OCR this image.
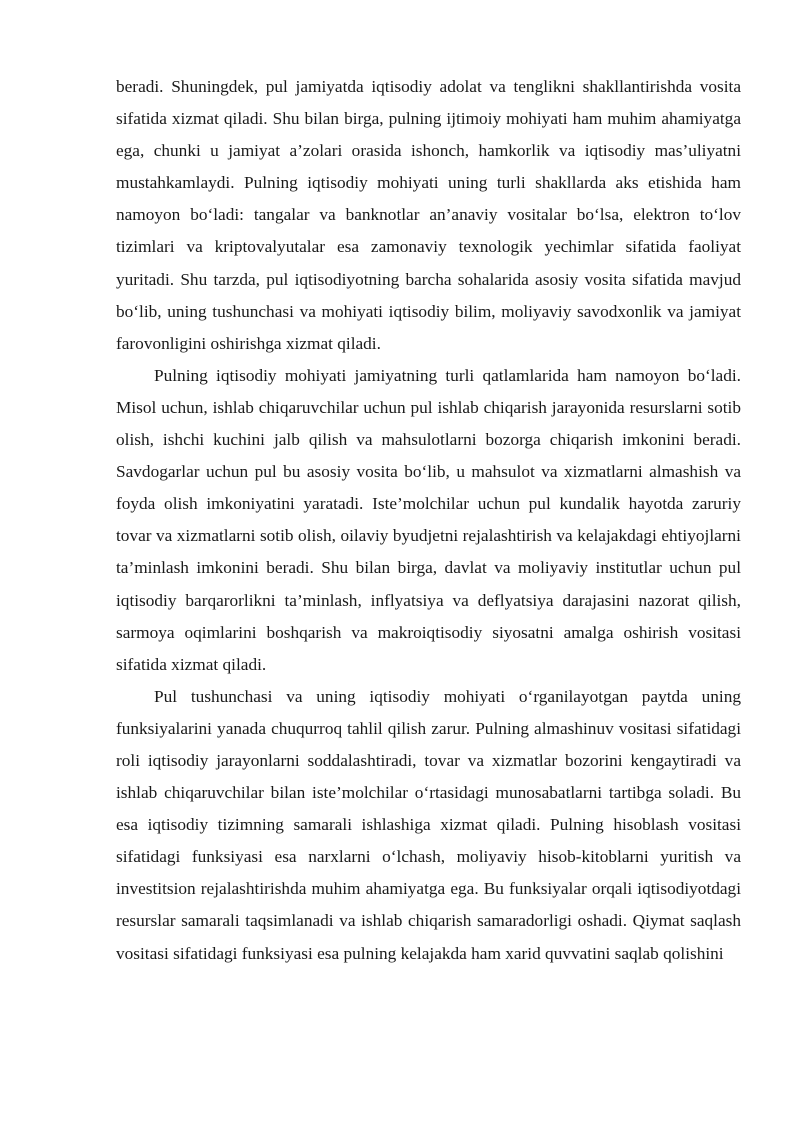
beradi. Shuningdek, pul jamiyatda iqtisodiy adolat va tenglikni shakllantirishda vosita sifatida xizmat qiladi. Shu bilan birga, pulning ijtimoiy mohiyati ham muhim ahamiyatga ega, chunki u jamiyat a’zolari orasida ishonch, hamkorlik va iqtisodiy mas’uliyatni mustahkamlaydi. Pulning iqtisodiy mohiyati uning turli shakllarda aks etishida ham namoyon bo‘ladi: tangalar va banknotlar an’anaviy vositalar bo‘lsa, elektron to‘lov tizimlari va kriptovalyutalar esa zamonaviy texnologik yechimlar sifatida faoliyat yuritadi. Shu tarzda, pul iqtisodiyotning barcha sohalarida asosiy vosita sifatida mavjud bo‘lib, uning tushunchasi va mohiyati iqtisodiy bilim, moliyaviy savodxonlik va jamiyat farovonligini oshirishga xizmat qiladi.

Pulning iqtisodiy mohiyati jamiyatning turli qatlamlarida ham namoyon bo‘ladi. Misol uchun, ishlab chiqaruvchilar uchun pul ishlab chiqarish jarayonida resurslarni sotib olish, ishchi kuchini jalb qilish va mahsulotlarni bozorga chiqarish imkonini beradi. Savdogarlar uchun pul bu asosiy vosita bo‘lib, u mahsulot va xizmatlarni almashish va foyda olish imkoniyatini yaratadi. Iste’molchilar uchun pul kundalik hayotda zaruriy tovar va xizmatlarni sotib olish, oilaviy byudjetni rejalashtirish va kelajakdagi ehtiyojlarni ta’minlash imkonini beradi. Shu bilan birga, davlat va moliyaviy institutlar uchun pul iqtisodiy barqarorlikni ta’minlash, inflyatsiya va deflyatsiya darajasini nazorat qilish, sarmoya oqimlarini boshqarish va makroiqtisodiy siyosatni amalga oshirish vositasi sifatida xizmat qiladi.

Pul tushunchasi va uning iqtisodiy mohiyati o‘rganilayotgan paytda uning funksiyalarini yanada chuqurroq tahlil qilish zarur. Pulning almashinuv vositasi sifatidagi roli iqtisodiy jarayonlarni soddalashtiradi, tovar va xizmatlar bozorini kengaytiradi va ishlab chiqaruvchilar bilan iste’molchilar o‘rtasidagi munosabatlarni tartibga soladi. Bu esa iqtisodiy tizimning samarali ishlashiga xizmat qiladi. Pulning hisoblash vositasi sifatidagi funksiyasi esa narxlarni o‘lchash, moliyaviy hisob-kitoblarni yuritish va investitsion rejalashtirishda muhim ahamiyatga ega. Bu funksiyalar orqali iqtisodiyotdagi resurslar samarali taqsimlanadi va ishlab chiqarish samaradorligi oshadi. Qiymat saqlash vositasi sifatidagi funksiyasi esa pulning kelajakda ham xarid quvvatini saqlab qolishini
